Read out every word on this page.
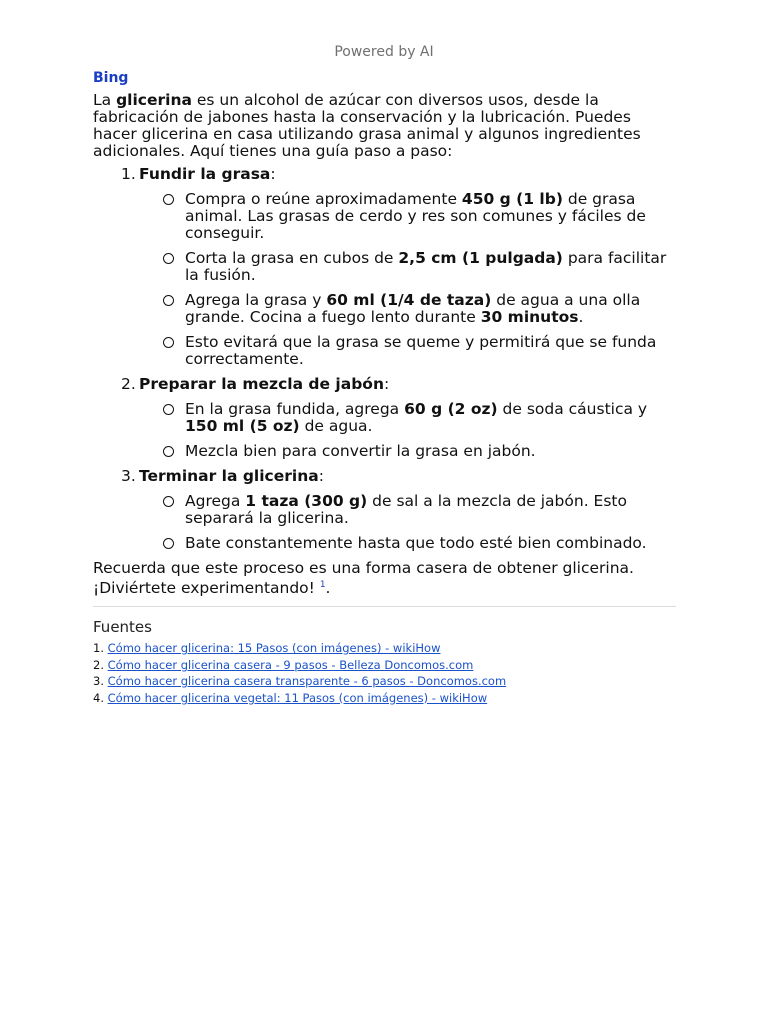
Powered by AI
Bing

La glicerina es un alcohol de azúcar con diversos usos, desde la fabricación de jabones hasta la conservación y la lubricación. Puedes hacer glicerina en casa utilizando grasa animal y algunos ingredientes adicionales. Aquí tienes una guía paso a paso:

1. Fundir la grasa:
Compra o reúne aproximadamente 450 g (1 lb) de grasa animal. Las grasas de cerdo y res son comunes y fáciles de conseguir.
Corta la grasa en cubos de 2,5 cm (1 pulgada) para facilitar la fusión.
Agrega la grasa y 60 ml (1/4 de taza) de agua a una olla grande. Cocina a fuego lento durante 30 minutos.
Esto evitará que la grasa se queme y permitirá que se funda correctamente.
2. Preparar la mezcla de jabón:
En la grasa fundida, agrega 60 g (2 oz) de soda cáustica y 150 ml (5 oz) de agua.
Mezcla bien para convertir la grasa en jabón.
3. Terminar la glicerina:
Agrega 1 taza (300 g) de sal a la mezcla de jabón. Esto separará la glicerina.
Bate constantemente hasta que todo esté bien combinado.

Recuerda que este proceso es una forma casera de obtener glicerina. ¡Diviértete experimentando! $^1$.

Fuentes
1. Cómo hacer glicerina: 15 Pasos (con imágenes) - wikiHow
2. Cómo hacer glicerina casera - 9 pasos - Belleza Doncomos.com
3. Cómo hacer glicerina casera transparente - 6 pasos - Doncomos.com
4. Cómo hacer glicerina vegetal: 11 Pasos (con imágenes) - wikiHow
